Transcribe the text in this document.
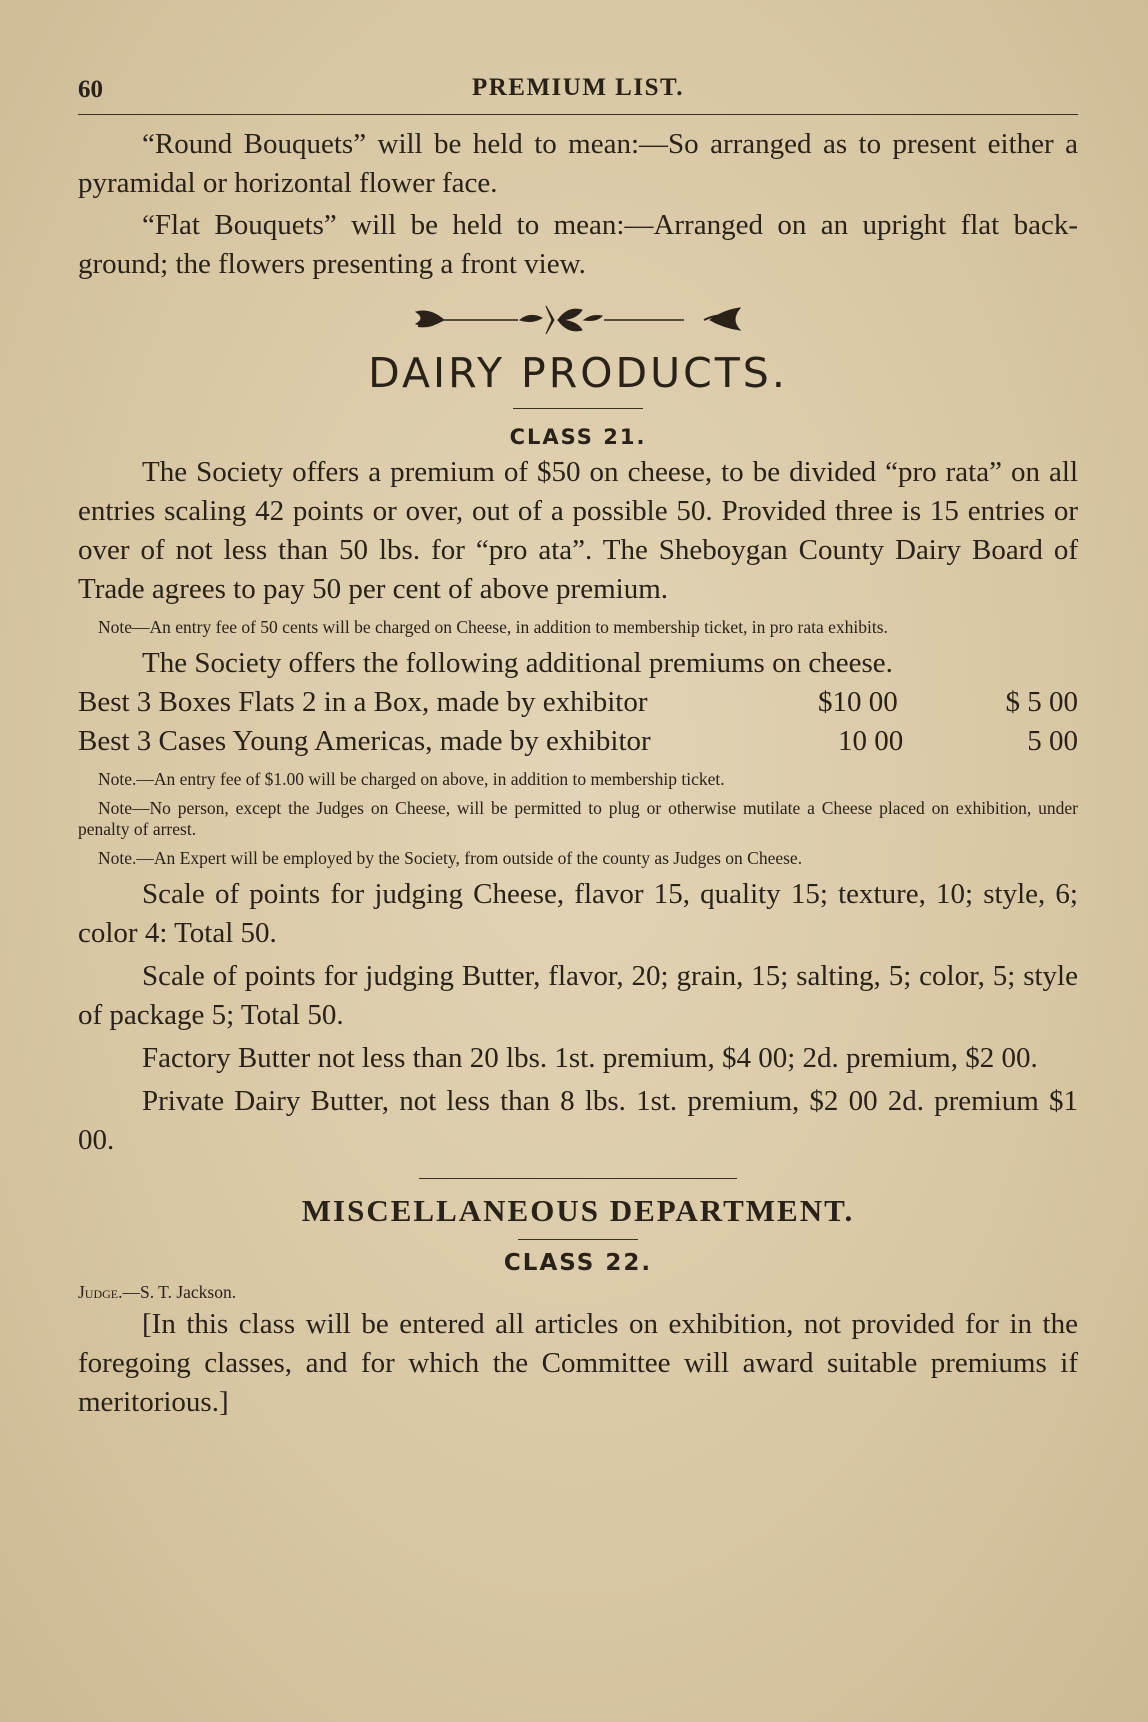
60	PREMIUM LIST.

“Round Bouquets” will be held to mean:—So arranged as to present either a pyramidal or horizontal flower face.

“Flat Bouquets” will be held to mean:—Arranged on an upright flat back-ground; the flowers presenting a front view.

DAIRY PRODUCTS.
CLASS 21.

The Society offers a premium of $50 on cheese, to be divided “pro rata” on all entries scaling 42 points or over, out of a possible 50. Provided three is 15 entries or over of not less than 50 lbs. for “pro ata”. The Sheboygan County Dairy Board of Trade agrees to pay 50 per cent of above premium.

Note—An entry fee of 50 cents will be charged on Cheese, in addition to membership ticket, in pro rata exhibits.

The Society offers the following additional premiums on cheese.

Best 3 Boxes Flats 2 in a Box, made by exhibitor	$10 00	$ 5 00
Best 3 Cases Young Americas, made by exhibitor	10 00	5 00
Note.—An entry fee of $1.00 will be charged on above, in addition to membership ticket.
Note—No person, except the Judges on Cheese, will be permitted to plug or otherwise mutilate a Cheese placed on exhibition, under penalty of arrest.
Note.—An Expert will be employed by the Society, from outside of the county as Judges on Cheese.

Scale of points for judging Cheese, flavor 15, quality 15; texture, 10; style, 6; color 4: Total 50.

Scale of points for judging Butter, flavor, 20; grain, 15; salting, 5; color, 5; style of package 5; Total 50.

Factory Butter not less than 20 lbs. 1st. premium, $4 00; 2d. premium, $2 00.

Private Dairy Butter, not less than 8 lbs. 1st. premium, $2 00 2d. premium $1 00.

MISCELLANEOUS DEPARTMENT.
CLASS 22.
Judge.—S. T. Jackson.

[In this class will be entered all articles on exhibition, not provided for in the foregoing classes, and for which the Committee will award suitable premiums if meritorious.]
